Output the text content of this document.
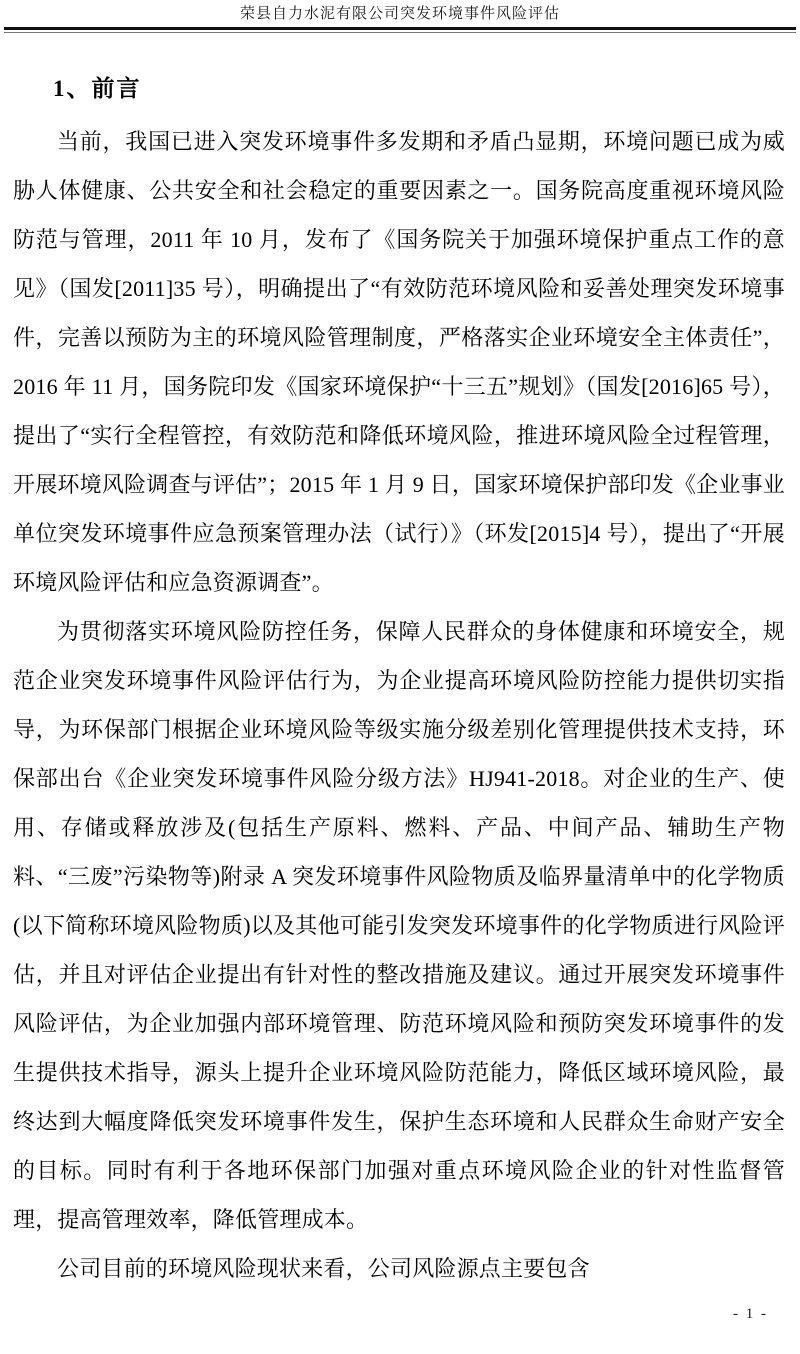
荣县自力水泥有限公司突发环境事件风险评估
1、前言

当前，我国已进入突发环境事件多发期和矛盾凸显期，环境问题已成为威胁人体健康、公共安全和社会稳定的重要因素之一。国务院高度重视环境风险防范与管理，2011 年 10 月，发布了《国务院关于加强环境保护重点工作的意见》（国发[2011]35 号），明确提出了“有效防范环境风险和妥善处理突发环境事件，完善以预防为主的环境风险管理制度，严格落实企业环境安全主体责任”，2016 年 11 月，国务院印发《国家环境保护“十三五”规划》（国发[2016]65 号），提出了“实行全程管控，有效防范和降低环境风险，推进环境风险全过程管理，开展环境风险调查与评估”；2015 年 1 月 9 日，国家环境保护部印发《企业事业单位突发环境事件应急预案管理办法（试行）》（环发[2015]4 号），提出了“开展环境风险评估和应急资源调查”。

为贯彻落实环境风险防控任务，保障人民群众的身体健康和环境安全，规范企业突发环境事件风险评估行为，为企业提高环境风险防控能力提供切实指导，为环保部门根据企业环境风险等级实施分级差别化管理提供技术支持，环保部出台《企业突发环境事件风险分级方法》HJ941-2018。对企业的生产、使用、存储或释放涉及(包括生产原料、燃料、产品、中间产品、辅助生产物料、“三废”污染物等)附录 A 突发环境事件风险物质及临界量清单中的化学物质(以下简称环境风险物质)以及其他可能引发突发环境事件的化学物质进行风险评估，并且对评估企业提出有针对性的整改措施及建议。通过开展突发环境事件风险评估，为企业加强内部环境管理、防范环境风险和预防突发环境事件的发生提供技术指导，源头上提升企业环境风险防范能力，降低区域环境风险，最终达到大幅度降低突发环境事件发生，保护生态环境和人民群众生命财产安全的目标。同时有利于各地环保部门加强对重点环境风险企业的针对性监督管理，提高管理效率，降低管理成本。

公司目前的环境风险现状来看，公司风险源点主要包含

- 1 -
